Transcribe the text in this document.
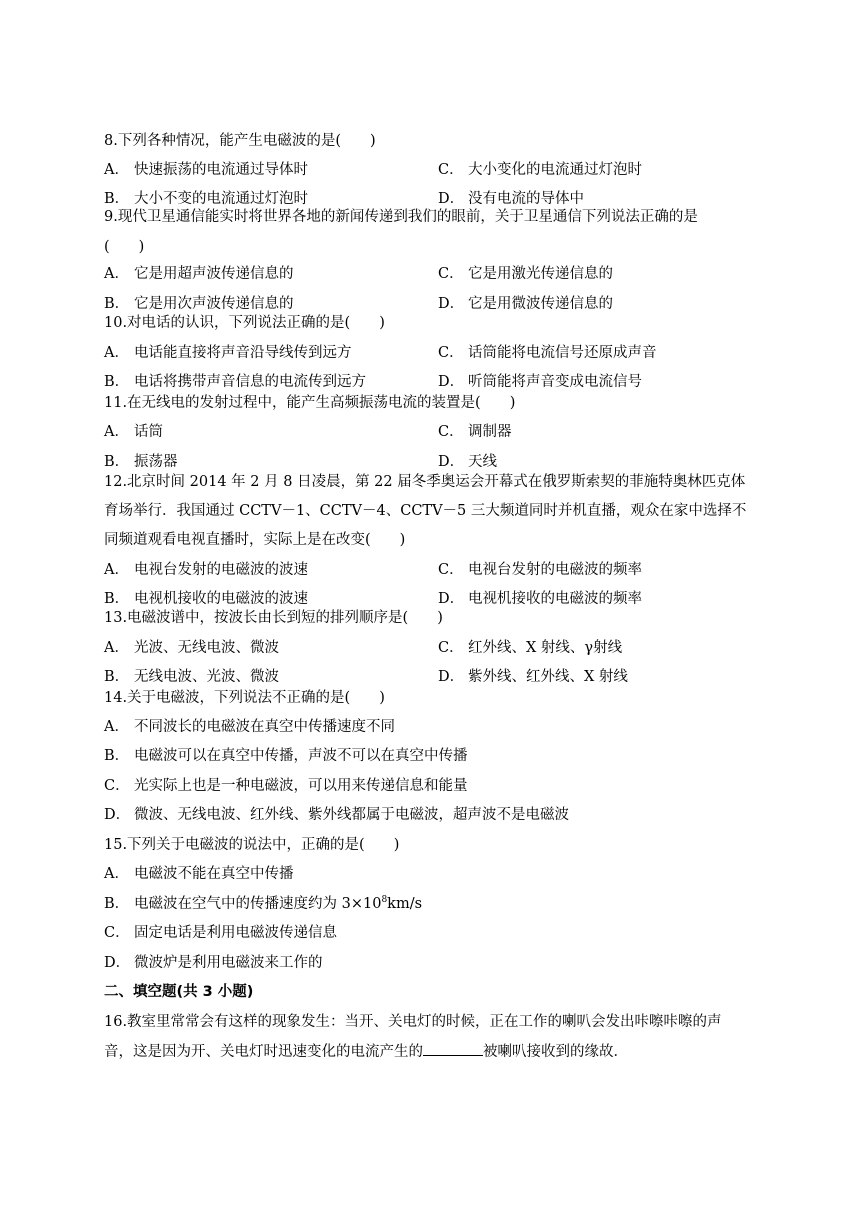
8.下列各种情况，能产生电磁波的是(　　)
A． 快速振荡的电流通过导体时	C． 大小变化的电流通过灯泡时
B． 大小不变的电流通过灯泡时	D． 没有电流的导体中
9.现代卫星通信能实时将世界各地的新闻传递到我们的眼前，关于卫星通信下列说法正确的是
(　　)
A． 它是用超声波传递信息的	C． 它是用激光传递信息的
B． 它是用次声波传递信息的	D． 它是用微波传递信息的
10.对电话的认识，下列说法正确的是(　　)
A． 电话能直接将声音沿导线传到远方	C． 话筒能将电流信号还原成声音
B． 电话将携带声音信息的电流传到远方	D． 听筒能将声音变成电流信号
11.在无线电的发射过程中，能产生高频振荡电流的装置是(　　)
A． 话筒	C． 调制器
B． 振荡器	D． 天线
12.北京时间 2014 年 2 月 8 日凌晨，第 22 届冬季奥运会开幕式在俄罗斯索契的菲施特奥林匹克体
育场举行．我国通过 CCTV－1、CCTV－4、CCTV－5 三大频道同时并机直播，观众在家中选择不
同频道观看电视直播时，实际上是在改变(　　)
A． 电视台发射的电磁波的波速	C． 电视台发射的电磁波的频率
B． 电视机接收的电磁波的波速	D． 电视机接收的电磁波的频率
13.电磁波谱中，按波长由长到短的排列顺序是(　　)
A． 光波、无线电波、微波	C． 红外线、X 射线、γ射线
B． 无线电波、光波、微波	D． 紫外线、红外线、X 射线
14.关于电磁波，下列说法不正确的是(　　)
A． 不同波长的电磁波在真空中传播速度不同
B． 电磁波可以在真空中传播，声波不可以在真空中传播
C． 光实际上也是一种电磁波，可以用来传递信息和能量
D． 微波、无线电波、红外线、紫外线都属于电磁波，超声波不是电磁波
15.下列关于电磁波的说法中，正确的是(　　)
A． 电磁波不能在真空中传播
B． 电磁波在空气中的传播速度约为 $3\times 10^8km/s$
C． 固定电话是利用电磁波传递信息
D． 微波炉是利用电磁波来工作的
二、填空题(共 3 小题)
16.教室里常常会有这样的现象发生：当开、关电灯的时候，正在工作的喇叭会发出咔嚓咔嚓的声
音，这是因为开、关电灯时迅速变化的电流产生的	被喇叭接收到的缘故．
